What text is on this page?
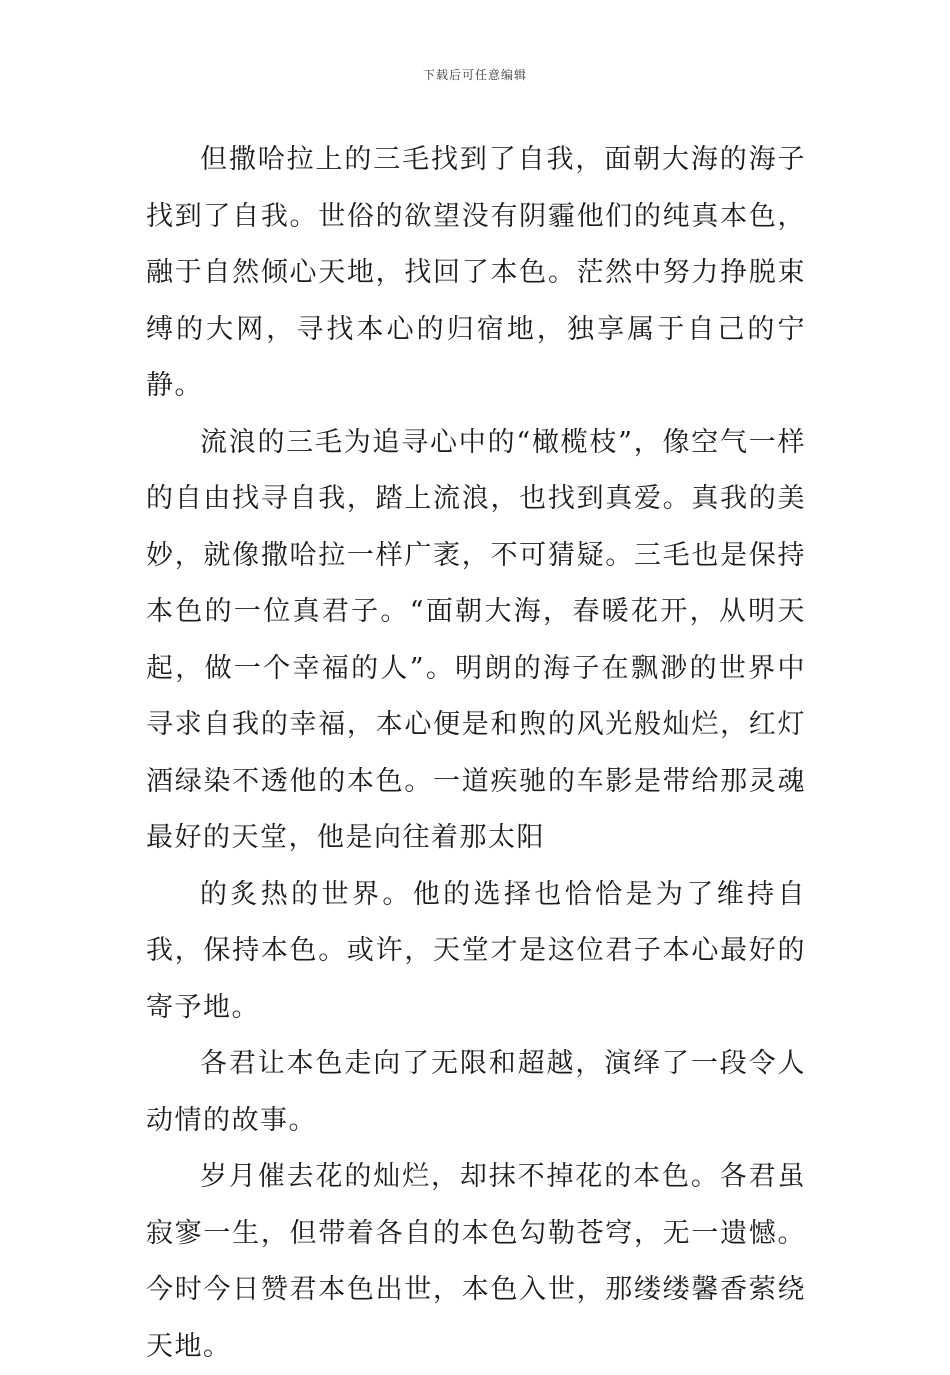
下载后可任意编辑

但撒哈拉上的三毛找到了自我，面朝大海的海子找到了自我。世俗的欲望没有阴霾他们的纯真本色，融于自然倾心天地，找回了本色。茫然中努力挣脱束缚的大网，寻找本心的归宿地，独享属于自己的宁静。

流浪的三毛为追寻心中的“橄榄枝”，像空气一样的自由找寻自我，踏上流浪，也找到真爱。真我的美妙，就像撒哈拉一样广袤，不可猜疑。三毛也是保持本色的一位真君子。“面朝大海，春暖花开，从明天起，做一个幸福的人”。明朗的海子在飘渺的世界中寻求自我的幸福，本心便是和煦的风光般灿烂，红灯酒绿染不透他的本色。一道疾驰的车影是带给那灵魂最好的天堂，他是向往着那太阳

的炙热的世界。他的选择也恰恰是为了维持自我，保持本色。或许，天堂才是这位君子本心最好的寄予地。

各君让本色走向了无限和超越，演绎了一段令人动情的故事。

岁月催去花的灿烂，却抹不掉花的本色。各君虽寂寥一生，但带着各自的本色勾勒苍穹，无一遗憾。今时今日赞君本色出世，本色入世，那缕缕馨香萦绕天地。
